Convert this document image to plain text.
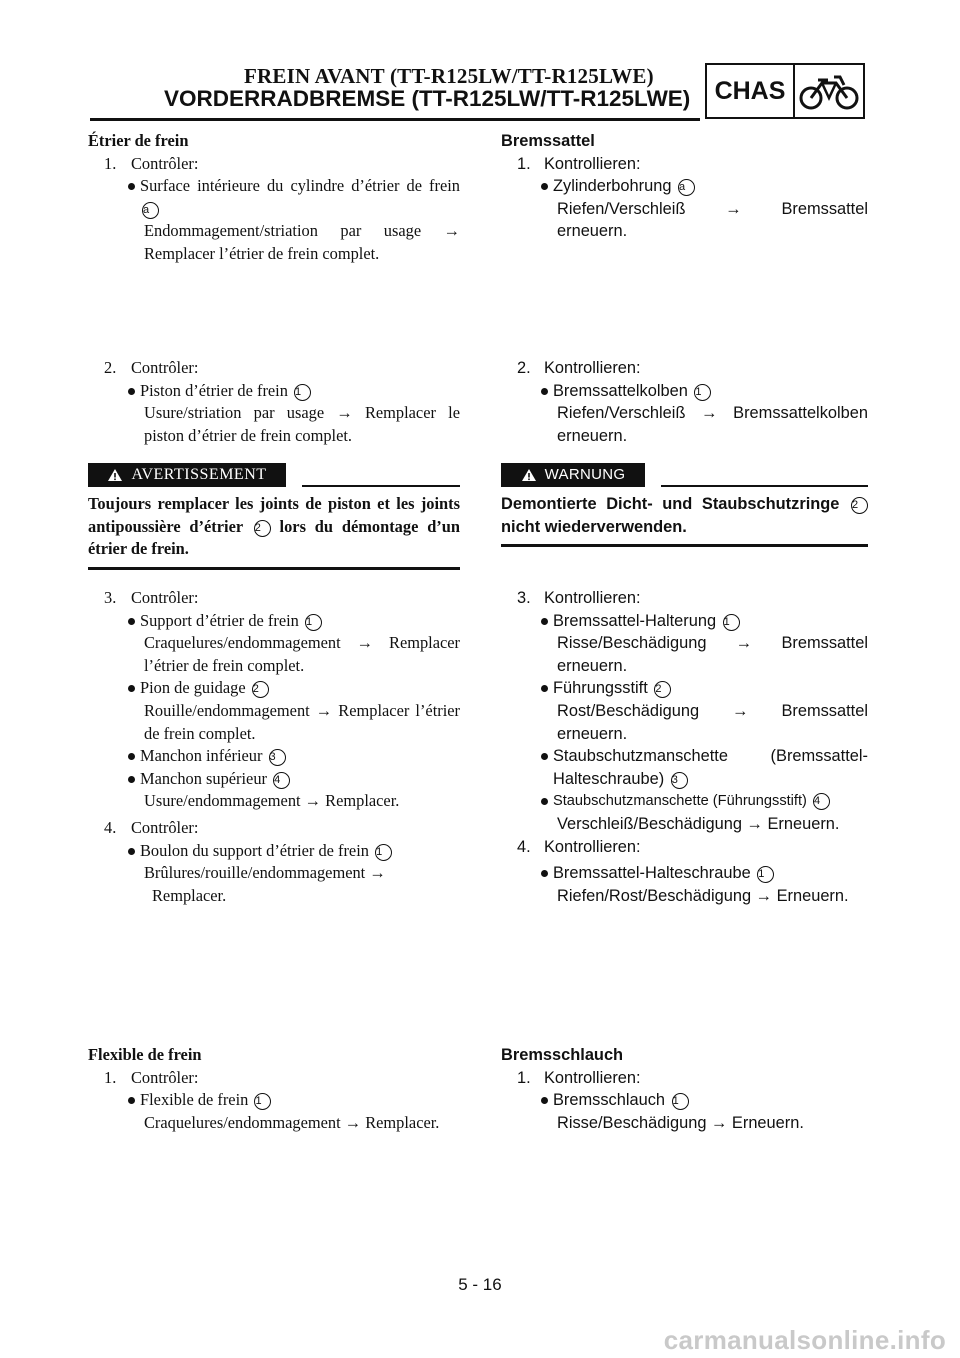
FREIN AVANT (TT-R125LW/TT-R125LWE)
VORDERRADBREMSE (TT-R125LW/TT-R125LWE) CHAS

Étrier de frein

1. Contrôler:
Surface intérieure du cylindre d’étrier de frein a
Endommagement/striation par usage → Remplacer l’étrier de frein complet.
2. Contrôler:
Piston d’étrier de frein 1
Usure/striation par usage → Remplacer le piston d’étrier de frein complet.
AVERTISSEMENT
Toujours remplacer les joints de piston et les joints antipoussière d’étrier 2 lors du démontage d’un étrier de frein.
3. Contrôler:
Support d’étrier de frein 1
Craquelures/endommagement → Remplacer l’étrier de frein complet.
Pion de guidage 2
Rouille/endommagement → Remplacer l’étrier de frein complet.
Manchon inférieur 3
Manchon supérieur 4
Usure/endommagement → Remplacer.
4. Contrôler:
Boulon du support d’étrier de frein 1
Brûlures/rouille/endommagement →
Remplacer.

Flexible de frein

1. Contrôler:
Flexible de frein 1
Craquelures/endommagement → Remplacer.

Bremssattel

1. Kontrollieren:
Zylinderbohrung a
Riefen/Verschleiß → Bremssattel erneuern.
2. Kontrollieren:
Bremssattelkolben 1
Riefen/Verschleiß → Bremssattelkolben erneuern.
WARNUNG
Demontierte Dicht- und Staubschutzringe 2 nicht wiederverwenden.
3. Kontrollieren:
Bremssattel-Halterung 1
Risse/Beschädigung → Bremssattel erneuern.
Führungsstift 2
Rost/Beschädigung → Bremssattel erneuern.
Staubschutzmanschette (Bremssattel-Halteschraube) 3
Staubschutzmanschette (Führungsstift) 4
Verschleiß/Beschädigung → Erneuern.
4. Kontrollieren:
Bremssattel-Halteschraube 1
Riefen/Rost/Beschädigung → Erneuern.

Bremsschlauch

1. Kontrollieren:
Bremsschlauch 1
Risse/Beschädigung → Erneuern.
5 - 16
carmanualsonline.info
